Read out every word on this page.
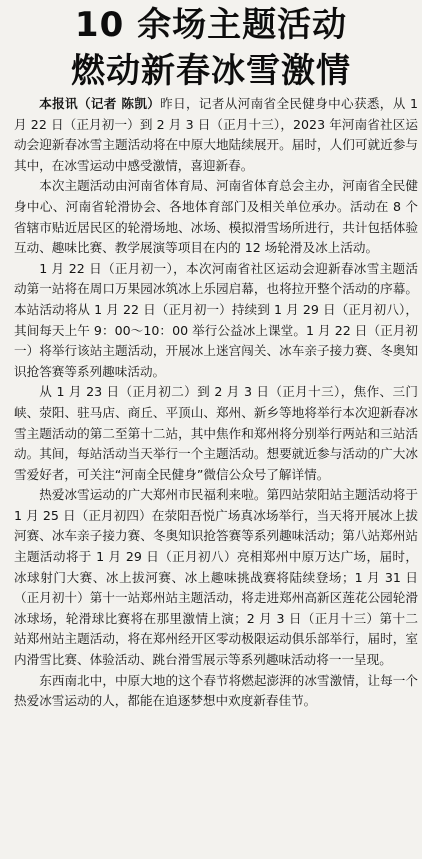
10 余场主题活动
燃动新春冰雪激情

本报讯（记者 陈凯）昨日，记者从河南省全民健身中心获悉，从 1 月 22 日（正月初一）到 2 月 3 日（正月十三），2023 年河南省社区运动会迎新春冰雪主题活动将在中原大地陆续展开。届时，人们可就近参与其中，在冰雪运动中感受激情，喜迎新春。

本次主题活动由河南省体育局、河南省体育总会主办，河南省全民健身中心、河南省轮滑协会、各地体育部门及相关单位承办。活动在 8 个省辖市贴近居民区的轮滑场地、冰场、模拟滑雪场所进行，共计包括体验互动、趣味比赛、教学展演等项目在内的 12 场轮滑及冰上活动。

1 月 22 日（正月初一），本次河南省社区运动会迎新春冰雪主题活动第一站将在周口万果园冰筑冰上乐园启幕，也将拉开整个活动的序幕。本站活动将从 1 月 22 日（正月初一）持续到 1 月 29 日（正月初八），其间每天上午 9：00～10：00 举行公益冰上课堂。1 月 22 日（正月初一）将举行该站主题活动，开展冰上迷宫闯关、冰车亲子接力赛、冬奥知识抢答赛等系列趣味活动。

从 1 月 23 日（正月初二）到 2 月 3 日（正月十三），焦作、三门峡、荥阳、驻马店、商丘、平顶山、郑州、新乡等地将举行本次迎新春冰雪主题活动的第二至第十二站，其中焦作和郑州将分别举行两站和三站活动。其间，每站活动当天举行一个主题活动。想要就近参与活动的广大冰雪爱好者，可关注“河南全民健身”微信公众号了解详情。

热爱冰雪运动的广大郑州市民福利来啦。第四站荥阳站主题活动将于 1 月 25 日（正月初四）在荥阳吾悦广场真冰场举行，当天将开展冰上拔河赛、冰车亲子接力赛、冬奥知识抢答赛等系列趣味活动；第八站郑州站主题活动将于 1 月 29 日（正月初八）亮相郑州中原万达广场，届时，冰球射门大赛、冰上拔河赛、冰上趣味挑战赛将陆续登场；1 月 31 日（正月初十）第十一站郑州站主题活动，将走进郑州高新区莲花公园轮滑冰球场，轮滑球比赛将在那里激情上演；2 月 3 日（正月十三）第十二站郑州站主题活动，将在郑州经开区零动极限运动俱乐部举行，届时，室内滑雪比赛、体验活动、跳台滑雪展示等系列趣味活动将一一呈现。

东西南北中，中原大地的这个春节将燃起澎湃的冰雪激情，让每一个热爱冰雪运动的人，都能在追逐梦想中欢度新春佳节。
